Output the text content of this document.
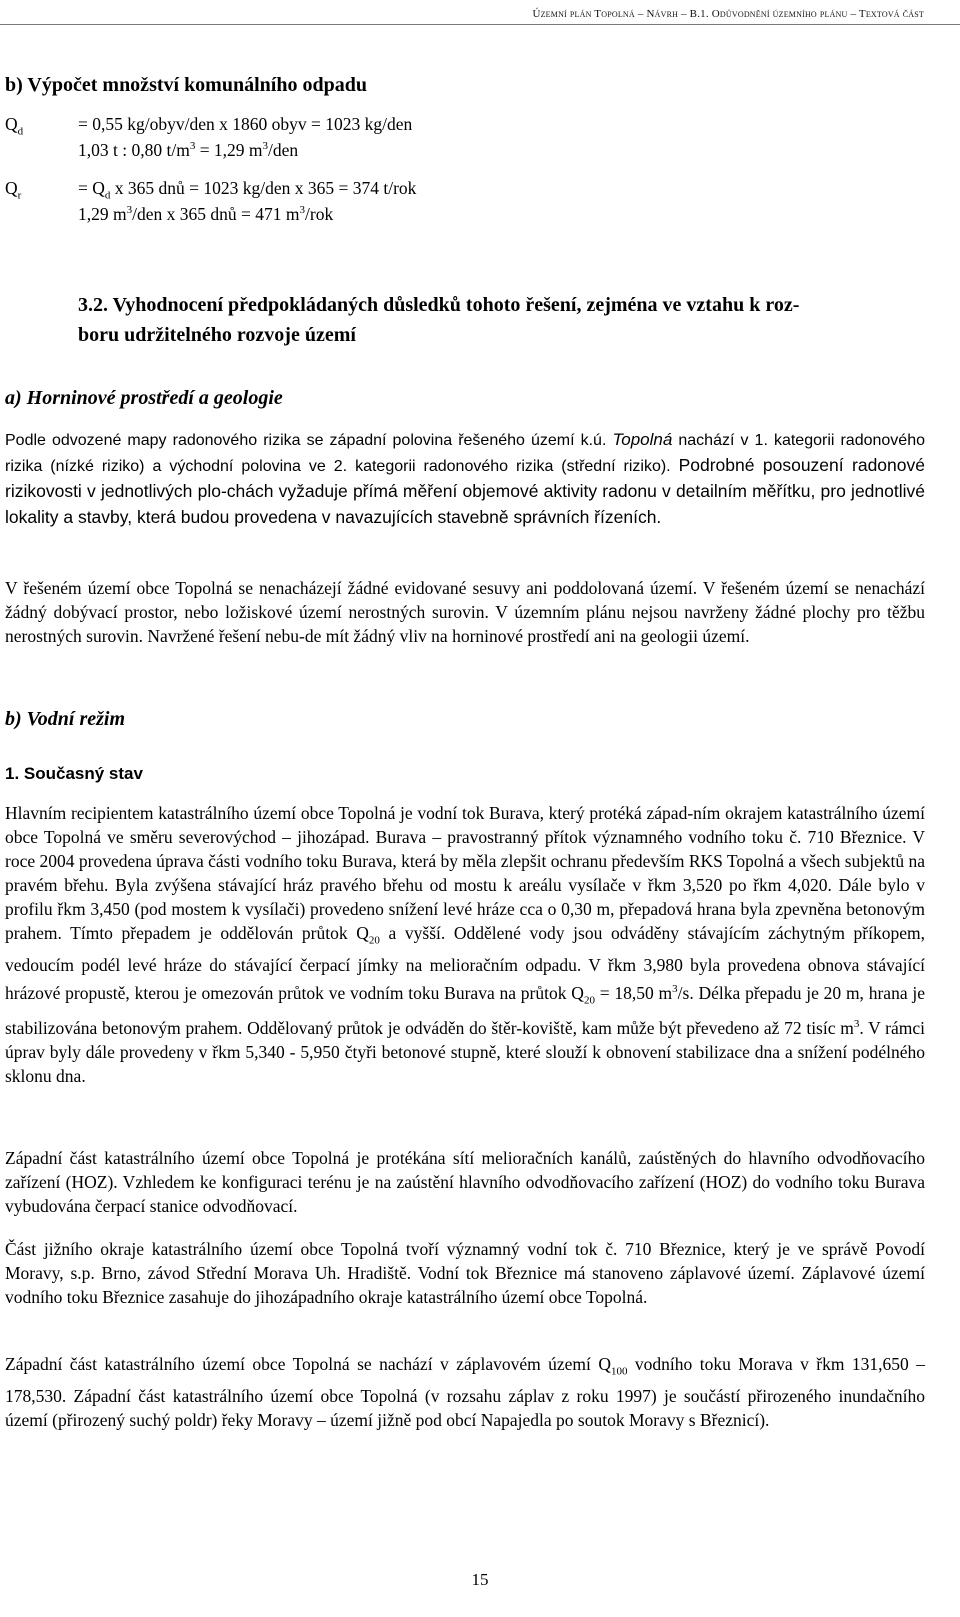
Územní plán Topolná – Návrh – B.1. Odůvodnění územního plánu – Textová část
b) Výpočet množství komunálního odpadu
$Q_d$	= 0,55 kg/obyv/den x 1860 obyv = 1023 kg/den
1,03 t : 0,80 $t/m^3 = 1,29$ $m^3$/den
$Q_r$	= $Q_d$ x 365 dnů = 1023 kg/den x 365 = 374 t/rok
1,29 $m^3$/den x 365 dnů = 471 $m^3$/rok
3.2. Vyhodnocení předpokládaných důsledků tohoto řešení, zejména ve vztahu k roz-
boru udržitelného rozvoje území
a) Horninové prostředí a geologie
Podle odvozené mapy radonového rizika se západní polovina řešeného území k.ú. Topolná nachází v 1. kategorii radonového rizika (nízké riziko) a východní polovina ve 2. kategorii radonového rizika (střední riziko). Podrobné posouzení radonové rizikovosti v jednotlivých plo-chách vyžaduje přímá měření objemové aktivity radonu v detailním měřítku, pro jednotlivé lokality a stavby, která budou provedena v navazujících stavebně správních řízeních.
V řešeném území obce Topolná se nenacházejí žádné evidované sesuvy ani poddolovaná území. V řešeném území se nenachází žádný dobývací prostor, nebo ložiskové území nerostných surovin. V územním plánu nejsou navrženy žádné plochy pro těžbu nerostných surovin. Navržené řešení nebu-de mít žádný vliv na horninové prostředí ani na geologii území.
b) Vodní režim
1. Současný stav
Hlavním recipientem katastrálního území obce Topolná je vodní tok Burava, který protéká západ-ním okrajem katastrálního území obce Topolná ve směru severovýchod – jihozápad. Burava – pravostranný přítok významného vodního toku č. 710 Březnice. V roce 2004 provedena úprava části vodního toku Burava, která by měla zlepšit ochranu především RKS Topolná a všech subjektů na pravém břehu. Byla zvýšena stávající hráz pravého břehu od mostu k areálu vysílače v řkm 3,520 po řkm 4,020. Dále bylo v profilu řkm 3,450 (pod mostem k vysílači) provedeno snížení levé hráze cca o 0,30 m, přepadová hrana byla zpevněna betonovým prahem. Tímto přepadem je oddělován průtok $Q_{20}$ a vyšší. Oddělené vody jsou odváděny stávajícím záchytným příkopem, vedoucím podél levé hráze do stávající čerpací jímky na melioračním odpadu. V řkm 3,980 byla provedena obnova stávající hrázové propustě, kterou je omezován průtok ve vodním toku Burava na průtok $Q_{20} = 18,50$ $m^3/s$. Délka přepadu je 20 m, hrana je stabilizována betonovým prahem. Oddělovaný průtok je odváděn do štěr-koviště, kam může být převedeno až 72 tisíc $m^3$. V rámci úprav byly dále provedeny v řkm 5,340 - 5,950 čtyři betonové stupně, které slouží k obnovení stabilizace dna a snížení podélného sklonu dna.
Západní část katastrálního území obce Topolná je protékána sítí melioračních kanálů, zaústěných do hlavního odvodňovacího zařízení (HOZ). Vzhledem ke konfiguraci terénu je na zaústění hlavního odvodňovacího zařízení (HOZ) do vodního toku Burava vybudována čerpací stanice odvodňovací.
Část jižního okraje katastrálního území obce Topolná tvoří významný vodní tok č. 710 Březnice, který je ve správě Povodí Moravy, s.p. Brno, závod Střední Morava Uh. Hradiště. Vodní tok Březnice má stanoveno záplavové území. Záplavové území vodního toku Březnice zasahuje do jihozápadního okraje katastrálního území obce Topolná.
Západní část katastrálního území obce Topolná se nachází v záplavovém území $Q_{100}$ vodního toku Morava v řkm 131,650 – 178,530. Západní část katastrálního území obce Topolná (v rozsahu záplav z roku 1997) je součástí přirozeného inundačního území (přirozený suchý poldr) řeky Moravy – území jižně pod obcí Napajedla po soutok Moravy s Březnicí).
15
